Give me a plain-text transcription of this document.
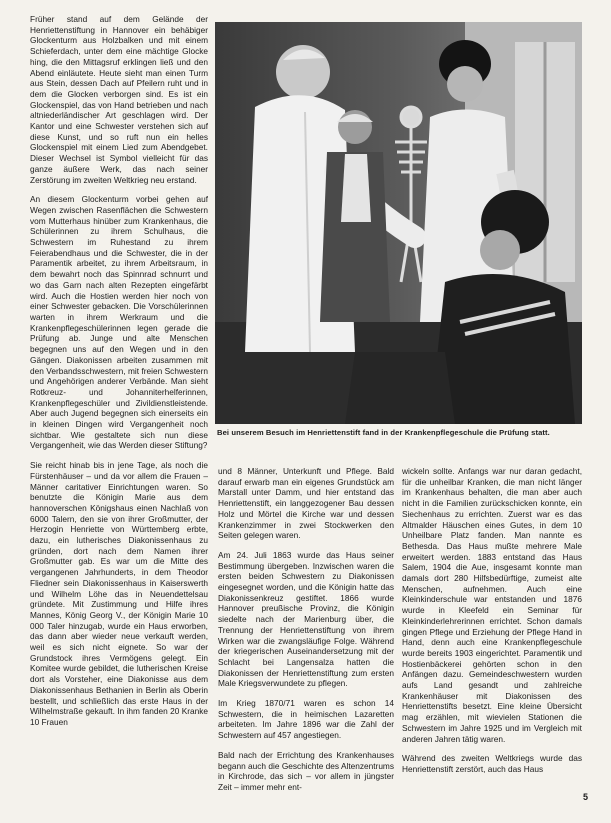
Früher stand auf dem Gelände der Henriettenstiftung in Hannover ein behäbiger Glockenturm aus Holzbalken und mit einem Schieferdach, unter dem eine mächtige Glocke hing, die den Mittagsruf erklingen ließ und den Abend einläutete. Heute sieht man einen Turm aus Stein, dessen Dach auf Pfeilern ruht und in dem die Glocken verborgen sind. Es ist ein Glockenspiel, das von Hand betrieben und nach altniederländischer Art geschlagen wird. Der Kantor und eine Schwester verstehen sich auf diese Kunst, und so ruft nun ein helles Glockenspiel mit einem Lied zum Abendgebet. Dieser Wechsel ist Symbol vielleicht für das ganze äußere Werk, das nach seiner Zerstörung im zweiten Weltkrieg neu erstand.

An diesem Glockenturm vorbei gehen auf Wegen zwischen Rasenflächen die Schwestern vom Mutterhaus hinüber zum Krankenhaus, die Schülerinnen zu ihrem Schulhaus, die Schwestern im Ruhestand zu ihrem Feierabendhaus und die Schwester, die in der Paramentik arbeitet, zu ihrem Arbeitsraum, in dem bewahrt noch das Spinnrad schnurrt und wo das Garn nach alten Rezepten eingefärbt wird. Auch die Hostien werden hier noch von einer Schwester gebacken. Die Vorschülerinnen warten in ihrem Werkraum und die Krankenpflegeschülerinnen legen gerade die Prüfung ab. Junge und alte Menschen begegnen uns auf den Wegen und in den Gängen. Diakonissen arbeiten zusammen mit den Verbandsschwestern, mit freien Schwestern und Angehörigen anderer Verbände. Man sieht Rotkreuz- und Johanniterhelferinnen, Krankenpflegeschüler und Zivildienstleistende. Aber auch Jugend begegnen sich einerseits ein in kleinen Dingen wird Vergangenheit noch sichtbar. Wie gestaltete sich nun diese Vergangenheit, wie das Werden dieser Stiftung?

Sie reicht hinab bis in jene Tage, als noch die Fürstenhäuser – und da vor allem die Frauen – Männer caritativer Einrichtungen waren. So benutzte die Königin Marie aus dem hannoverschen Königshaus einen Nachlaß von 6000 Talern, den sie von ihrer Großmutter, der Herzogin Henriette von Württemberg erbte, dazu, ein lutherisches Diakonissenhaus zu gründen, dort nach dem Namen ihrer Großmutter gab. Es war um die Mitte des vergangenen Jahrhunderts, in dem Theodor Fliedner sein Diakonissenhaus in Kaiserswerth und Wilhelm Löhe das in Neuendettelsau gründete. Mit Zustimmung und Hilfe ihres Mannes, König Georg V., der Königin Marie 10 000 Taler hinzugab, wurde ein Haus erworben, das dann aber wieder neue verkauft werden, weil es sich nicht eignete. So war der Grundstock ihres Vermögens gelegt. Ein Komitee wurde gebildet, die lutherischen Kreise dort als Vorsteher, eine Diakonisse aus dem Diakonissenhaus Bethanien in Berlin als Oberin bestellt, und schließlich das erste Haus in der Wilhelmstraße gekauft. In ihm fanden 20 Kranke 10 Frauen

Bei unserem Besuch im Henriettenstift fand in der Krankenpflegeschule die Prüfung statt.

und 8 Männer, Unterkunft und Pflege. Bald darauf erwarb man ein eigenes Grundstück am Marstall unter Damm, und hier entstand das Henriettenstift, ein langgezogener Bau dessen Holz und Mörtel die Kirche war und dessen Krankenzimmer in zwei Stockwerken den Seiten gelegen waren.

Am 24. Juli 1863 wurde das Haus seiner Bestimmung übergeben. Inzwischen waren die ersten beiden Schwestern zu Diakonissen eingesegnet worden, und die Königin hatte das Diakonissenkreuz gestiftet. 1866 wurde Hannover preußische Provinz, die Königin siedelte nach der Marienburg über, die Trennung der Henriettenstiftung von ihrem Wirken war die zwangsläufige Folge. Während der kriegerischen Auseinandersetzung mit der Schlacht bei Langensalza hatten die Diakonissen der Henriettenstiftung zum ersten Male Kriegsverwundete zu pflegen.

Im Krieg 1870/71 waren es schon 14 Schwestern, die in heimischen Lazaretten arbeiteten. Im Jahre 1896 war die Zahl der Schwestern auf 457 angestiegen.

Bald nach der Errichtung des Krankenhauses begann auch die Geschichte des Altenzentrums in Kirchrode, das sich – vor allem in jüngster Zeit – immer mehr ent-

wickeln sollte. Anfangs war nur daran gedacht, für die unheilbar Kranken, die man nicht länger im Krankenhaus behalten, die man aber auch nicht in die Familien zurückschicken konnte, ein Siechenhaus zu errichten. Zuerst war es das Altmalder Häuschen eines Gutes, in dem 10 Unheilbare Platz fanden. Man nannte es Bethesda. Das Haus mußte mehrere Male erweitert werden. 1883 entstand das Haus Salem, 1904 die Aue, insgesamt konnte man damals dort 280 Hilfsbedürftige, zumeist alte Menschen, aufnehmen. Auch eine Kleinkinderschule war entstanden und 1876 wurde in Kleefeld ein Seminar für Kleinkinderlehrerinnen errichtet. Schon damals gingen Pflege und Erziehung der Pflege Hand in Hand, denn auch eine Krankenpflegeschule wurde bereits 1903 eingerichtet. Paramentik und Hostienbäckerei gehörten schon in den Anfängen dazu. Gemeindeschwestern wurden aufs Land gesandt und zahlreiche Krankenhäuser mit Diakonissen des Henriettenstifts besetzt. Eine kleine Übersicht mag erzählen, mit wievielen Stationen die Schwestern im Jahre 1925 und im Vergleich mit anderen Jahren tätig waren.

Während des zweiten Weltkriegs wurde das Henriettenstift zerstört, auch das Haus

5
